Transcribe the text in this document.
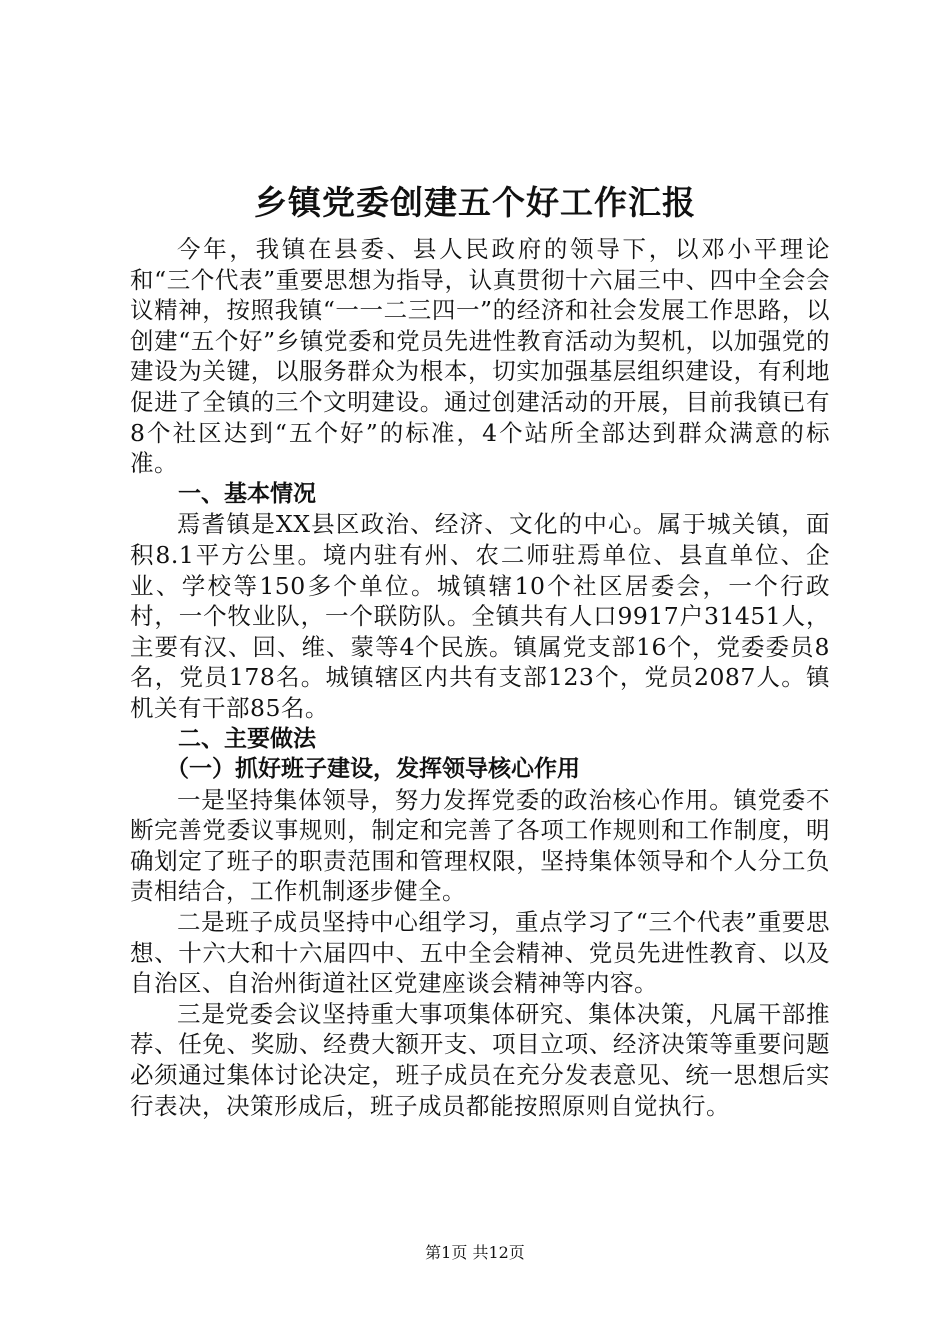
乡镇党委创建五个好工作汇报

今年，我镇在县委、县人民政府的领导下，以邓小平理论和“三个代表”重要思想为指导，认真贯彻十六届三中、四中全会会议精神，按照我镇“一一二三四一”的经济和社会发展工作思路，以创建“五个好”乡镇党委和党员先进性教育活动为契机，以加强党的建设为关键，以服务群众为根本，切实加强基层组织建设，有利地促进了全镇的三个文明建设。通过创建活动的开展，目前我镇已有8个社区达到“五个好”的标准，4个站所全部达到群众满意的标准。

一、基本情况

焉耆镇是XX县区政治、经济、文化的中心。属于城关镇，面积8.1平方公里。境内驻有州、农二师驻焉单位、县直单位、企业、学校等150多个单位。城镇辖10个社区居委会，一个行政村，一个牧业队，一个联防队。全镇共有人口9917户31451人，主要有汉、回、维、蒙等4个民族。镇属党支部16个，党委委员8名，党员178名。城镇辖区内共有支部123个，党员2087人。镇机关有干部85名。

二、主要做法

（一）抓好班子建设，发挥领导核心作用

一是坚持集体领导，努力发挥党委的政治核心作用。镇党委不断完善党委议事规则，制定和完善了各项工作规则和工作制度，明确划定了班子的职责范围和管理权限，坚持集体领导和个人分工负责相结合，工作机制逐步健全。

二是班子成员坚持中心组学习，重点学习了“三个代表”重要思想、十六大和十六届四中、五中全会精神、党员先进性教育、以及自治区、自治州街道社区党建座谈会精神等内容。

三是党委会议坚持重大事项集体研究、集体决策，凡属干部推荐、任免、奖励、经费大额开支、项目立项、经济决策等重要问题必须通过集体讨论决定，班子成员在充分发表意见、统一思想后实行表决，决策形成后，班子成员都能按照原则自觉执行。

第1页 共12页
